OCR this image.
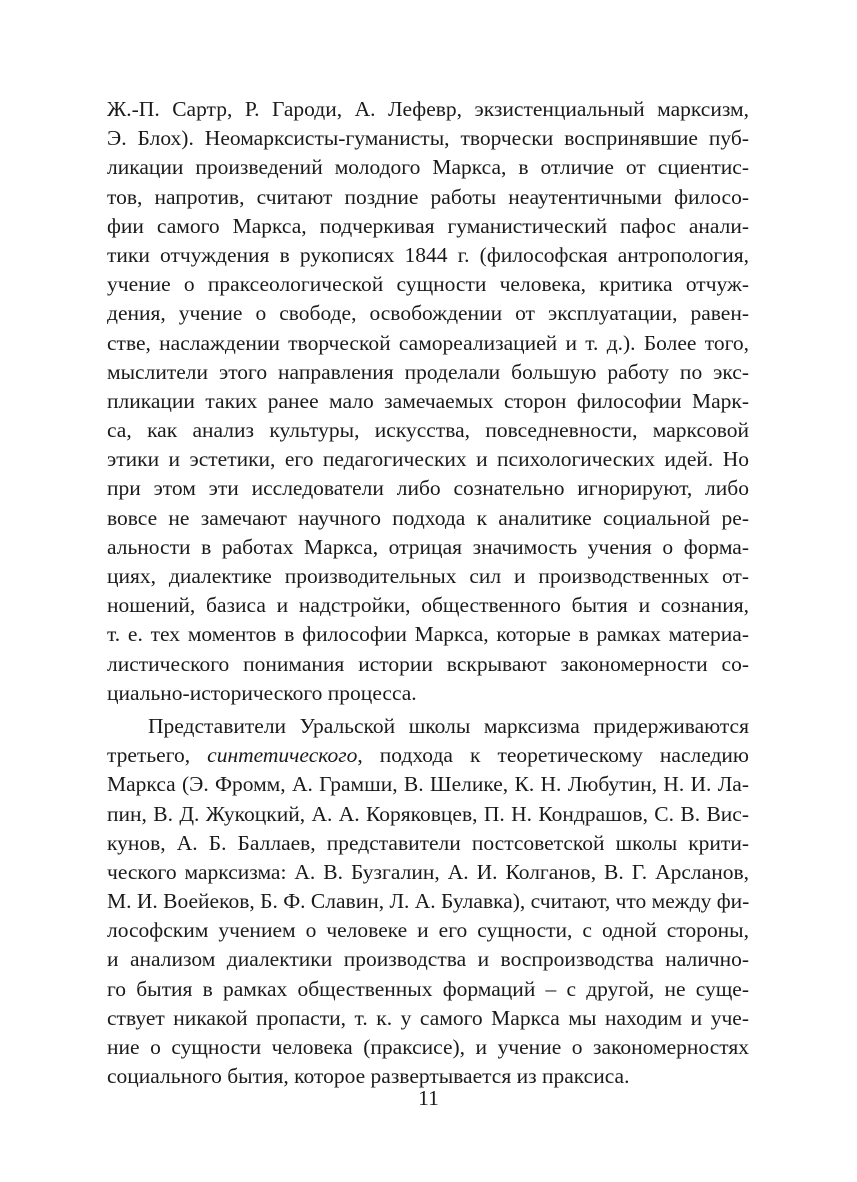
Ж.-П. Сартр, Р. Гароди, А. Лефевр, экзистенциальный марксизм,
Э. Блох). Неомарксисты-гуманисты, творчески воспринявшие пуб-
ликации произведений молодого Маркса, в отличие от сциентис-
тов, напротив, считают поздние работы неаутентичными филосо-
фии самого Маркса, подчеркивая гуманистический пафос анали-
тики отчуждения в рукописях 1844 г. (философская антропология,
учение о праксеологической сущности человека, критика отчуж-
дения, учение о свободе, освобождении от эксплуатации, равен-
стве, наслаждении творческой самореализацией и т. д.). Более того,
мыслители этого направления проделали большую работу по экс-
пликации таких ранее мало замечаемых сторон философии Марк-
са, как анализ культуры, искусства, повседневности, марксовой
этики и эстетики, его педагогических и психологических идей. Но
при этом эти исследователи либо сознательно игнорируют, либо
вовсе не замечают научного подхода к аналитике социальной ре-
альности в работах Маркса, отрицая значимость учения о форма-
циях, диалектике производительных сил и производственных от-
ношений, базиса и надстройки, общественного бытия и сознания,
т. е. тех моментов в философии Маркса, которые в рамках материа-
листического понимания истории вскрывают закономерности со-
циально-исторического процесса.
Представители Уральской школы марксизма придерживаются
третьего, синтетического, подхода к теоретическому наследию
Маркса (Э. Фромм, А. Грамши, В. Шелике, К. Н. Любутин, Н. И. Ла-
пин, В. Д. Жукоцкий, А. А. Коряковцев, П. Н. Кондрашов, С. В. Вис-
кунов, А. Б. Баллаев, представители постсоветской школы крити-
ческого марксизма: А. В. Бузгалин, А. И. Колганов, В. Г. Арсланов,
М. И. Воейеков, Б. Ф. Славин, Л. А. Булавка), считают, что между фи-
лософским учением о человеке и его сущности, с одной стороны,
и анализом диалектики производства и воспроизводства налично-
го бытия в рамках общественных формаций – с другой, не суще-
ствует никакой пропасти, т. к. у самого Маркса мы находим и уче-
ние о сущности человека (праксисе), и учение о закономерностях
социального бытия, которое развертывается из праксиса.
11
